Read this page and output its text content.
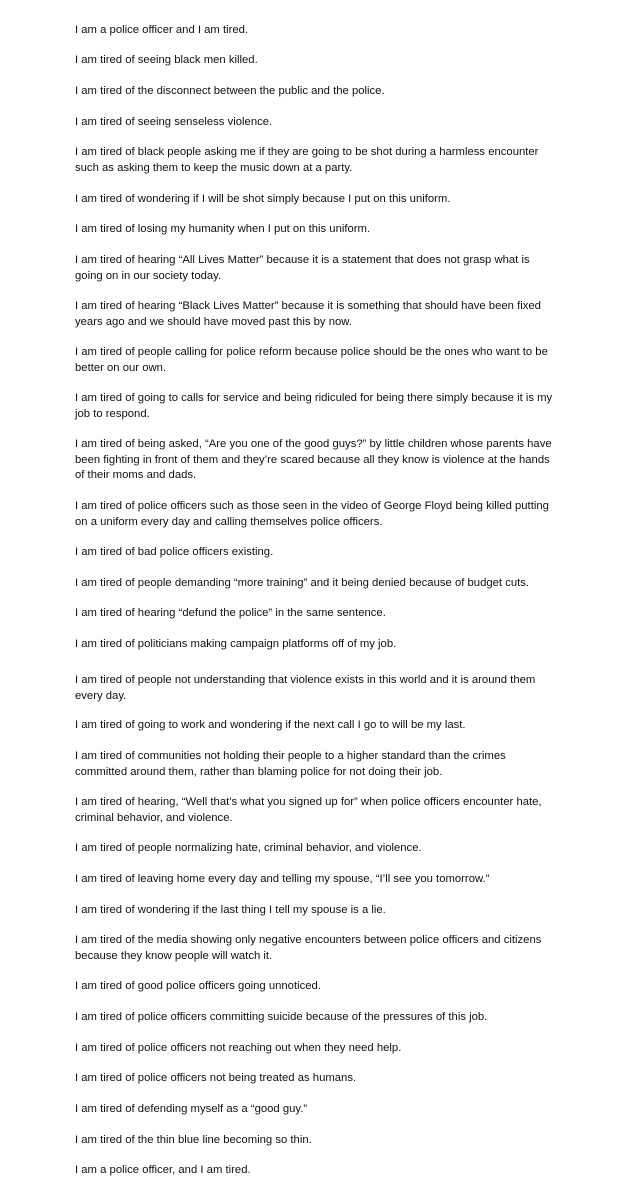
I am a police officer and I am tired.

I am tired of seeing black men killed.

I am tired of the disconnect between the public and the police.

I am tired of seeing senseless violence.

I am tired of black people asking me if they are going to be shot during a harmless encounter such as asking them to keep the music down at a party.

I am tired of wondering if I will be shot simply because I put on this uniform.

I am tired of losing my humanity when I put on this uniform.

I am tired of hearing “All Lives Matter” because it is a statement that does not grasp what is going on in our society today.

I am tired of hearing “Black Lives Matter” because it is something that should have been fixed years ago and we should have moved past this by now.

I am tired of people calling for police reform because police should be the ones who want to be better on our own.

I am tired of going to calls for service and being ridiculed for being there simply because it is my job to respond.

I am tired of being asked, “Are you one of the good guys?” by little children whose parents have been fighting in front of them and they’re scared because all they know is violence at the hands of their moms and dads.

I am tired of police officers such as those seen in the video of George Floyd being killed putting on a uniform every day and calling themselves police officers.

I am tired of bad police officers existing.

I am tired of people demanding “more training” and it being denied because of budget cuts.

I am tired of hearing “defund the police” in the same sentence.

I am tired of politicians making campaign platforms off of my job.

I am tired of people not understanding that violence exists in this world and it is around them every day.

I am tired of going to work and wondering if the next call I go to will be my last.

I am tired of communities not holding their people to a higher standard than the crimes committed around them, rather than blaming police for not doing their job.

I am tired of hearing, “Well that’s what you signed up for” when police officers encounter hate, criminal behavior, and violence.

I am tired of people normalizing hate, criminal behavior, and violence.

I am tired of leaving home every day and telling my spouse, “I’ll see you tomorrow.”

I am tired of wondering if the last thing I tell my spouse is a lie.

I am tired of the media showing only negative encounters between police officers and citizens because they know people will watch it.

I am tired of good police officers going unnoticed.

I am tired of police officers committing suicide because of the pressures of this job.

I am tired of police officers not reaching out when they need help.

I am tired of police officers not being treated as humans.

I am tired of defending myself as a “good guy.”

I am tired of the thin blue line becoming so thin.

I am a police officer, and I am tired.
